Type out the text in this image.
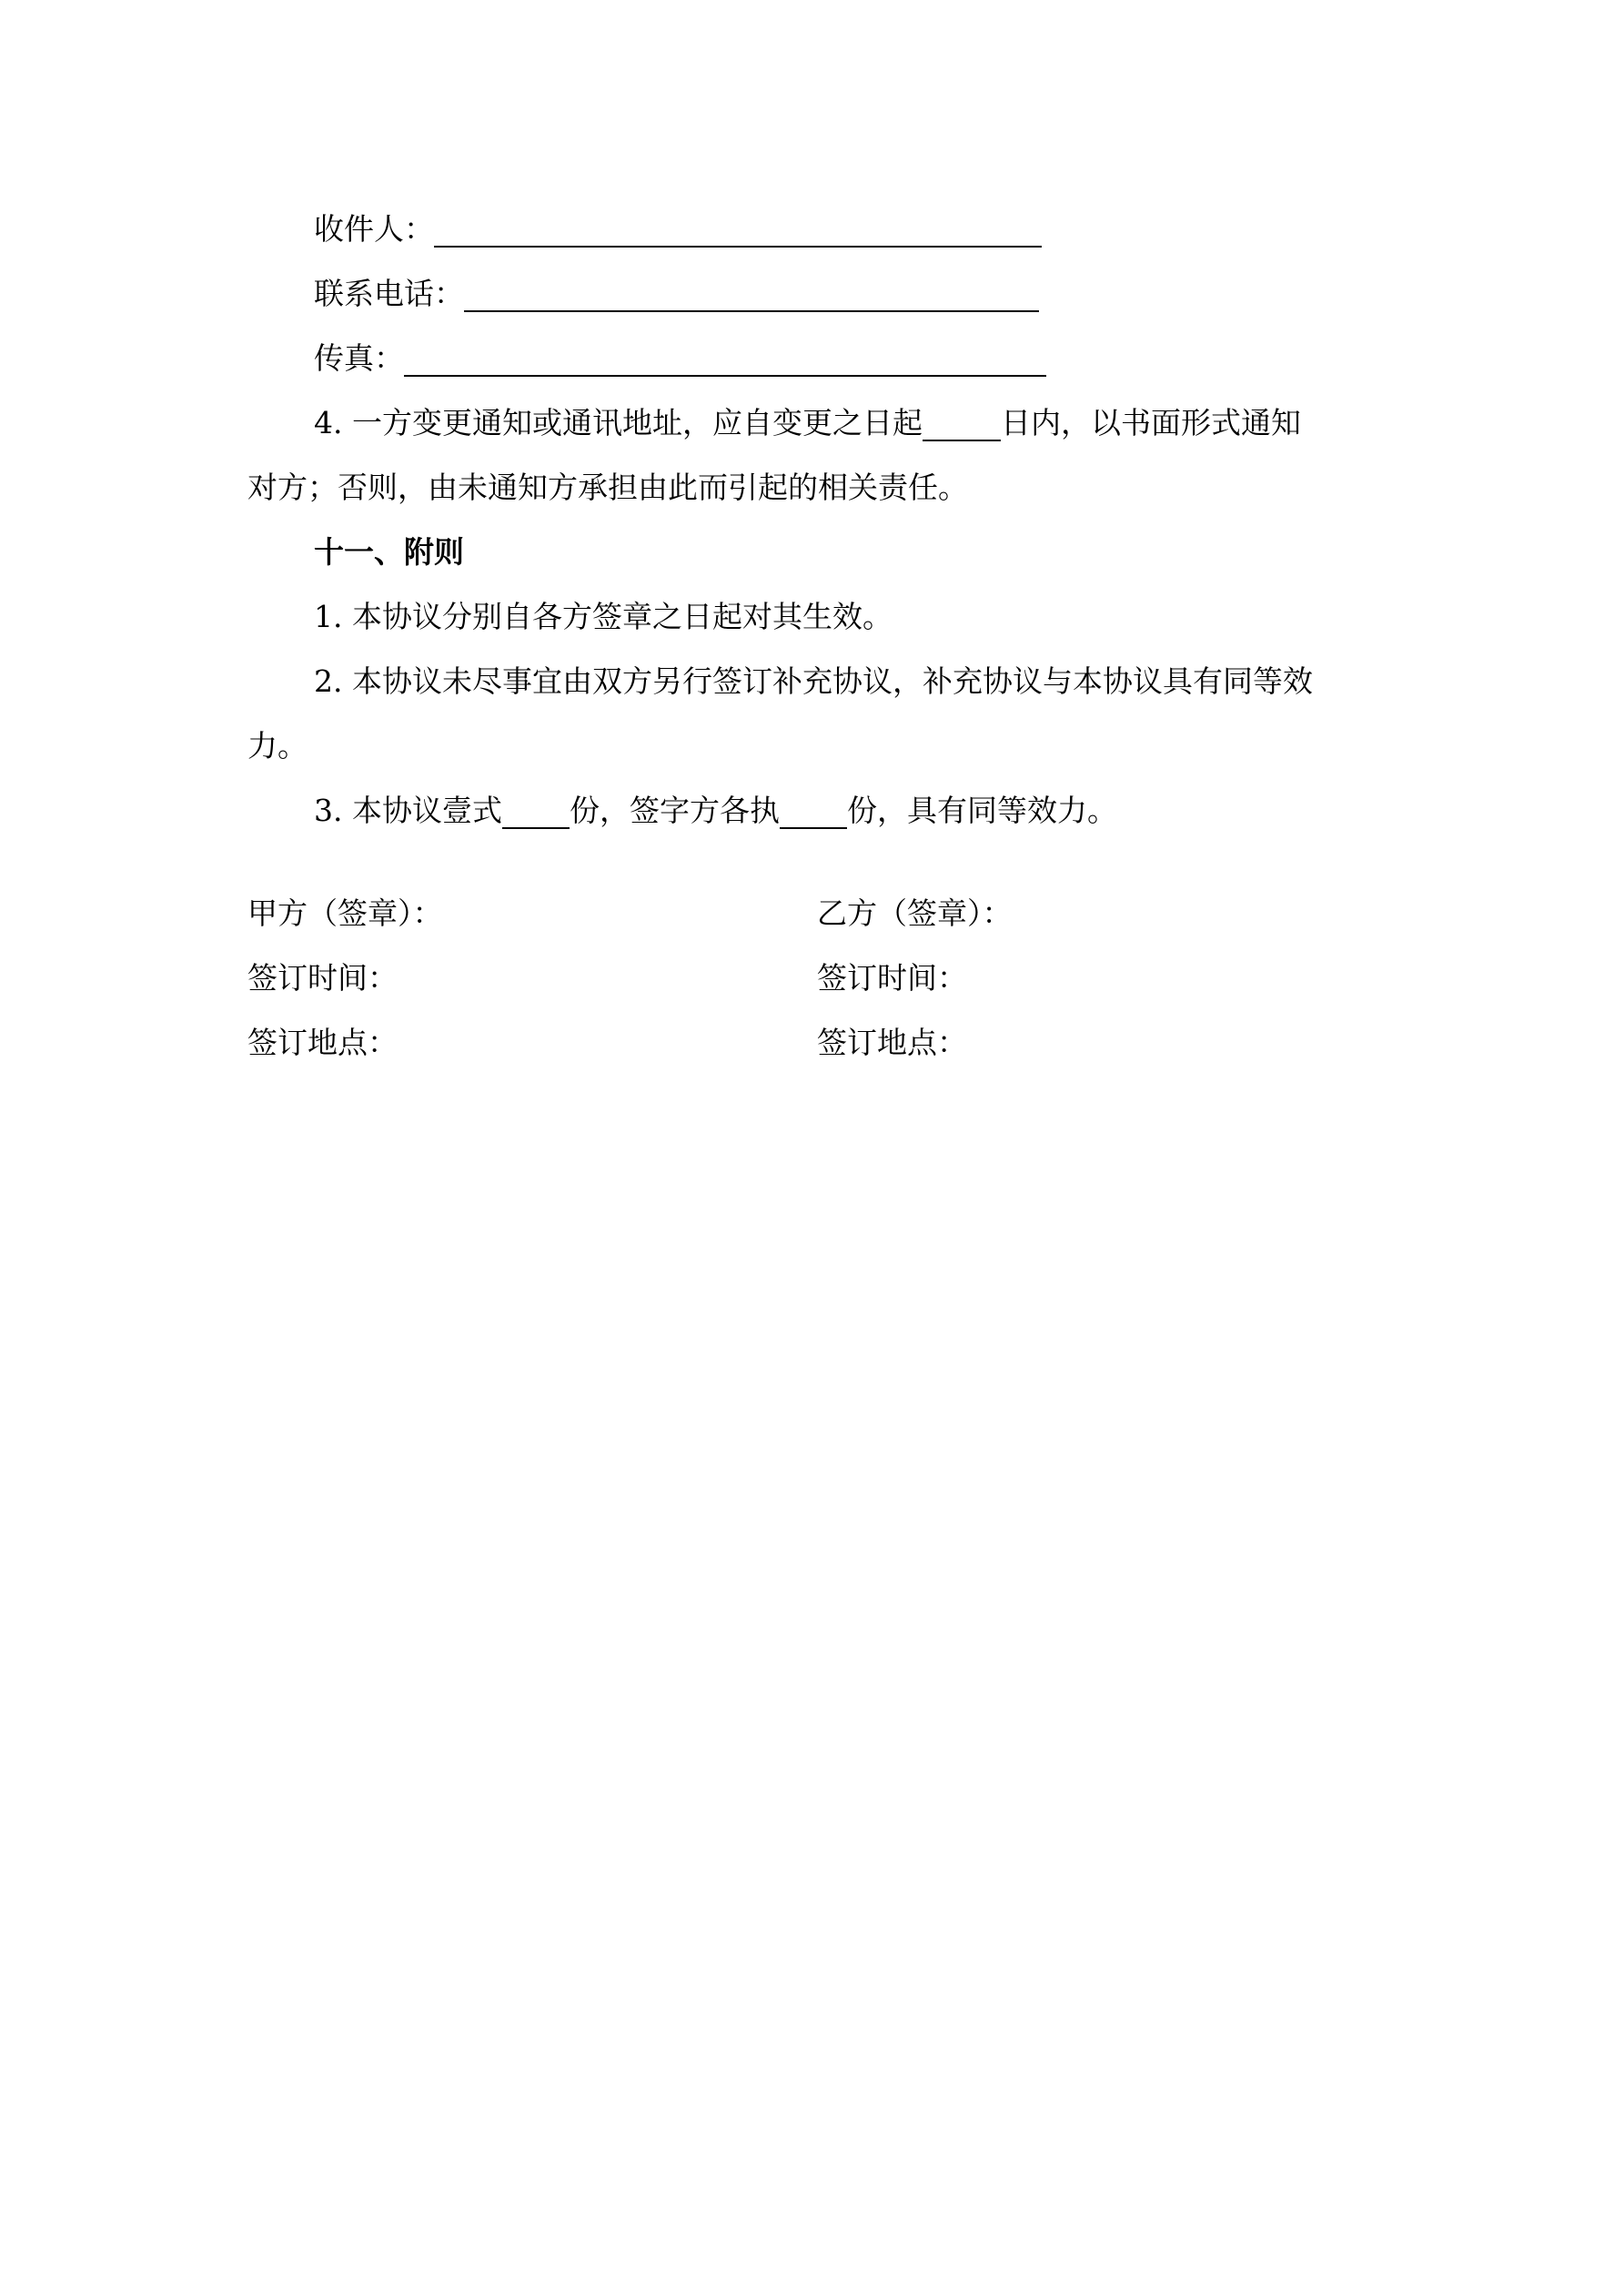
收件人：
联系电话：
传真：
4. 一方变更通知或通讯地址，应自变更之日起	日内，以书面形式通知
对方；否则，由未通知方承担由此而引起的相关责任。
十一、附则
1. 本协议分别自各方签章之日起对其生效。
2. 本协议未尽事宜由双方另行签订补充协议，补充协议与本协议具有同等效
力。
3. 本协议壹式 份，签字方各执 份，具有同等效力。
甲方（签章）：
签订时间：
签订地点：
乙方（签章）：
签订时间：
签订地点：
